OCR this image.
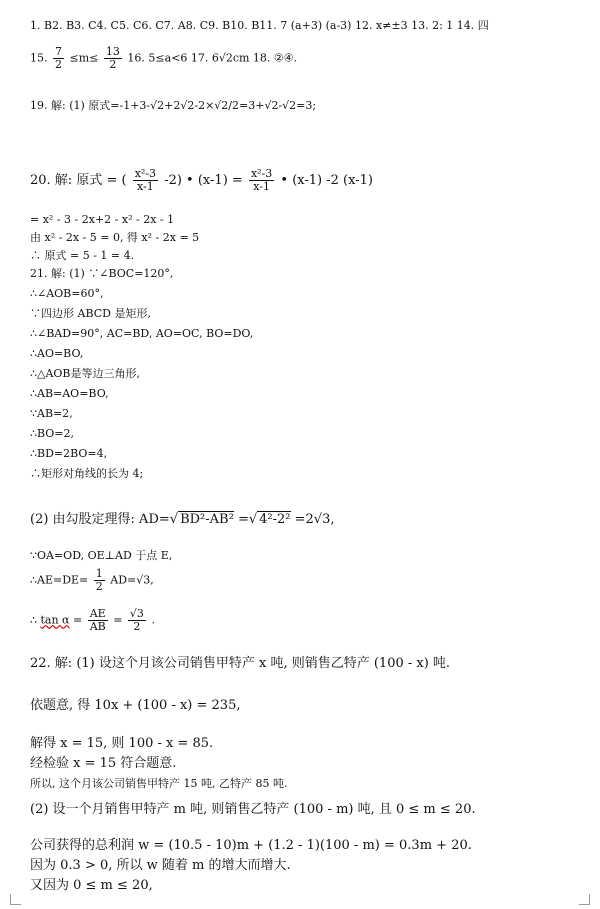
1. B2. B3. C4. C5. C6. C7. A8. C9. B10. B11. 7 (a+3) (a-3) 12. x≠±3 13. 2: 1 14. 四
15. $\frac{7}{2} \le m\le \frac{13}{2} 16$. 5≤a<6 17. 6√2cm 18. ②④.
19. 解: (1) 原式=-1+3-√2+2√2-2×√2/2=3+√2-√2=3;
20. 解: 原式 = ( $\frac{\text{x²-3}}{x-1} -2$) • $(x-1) = \frac{\text{x²-3}}{x-1}$ • (x-1) -2 (x-1)
= x² - 3 - 2x+2 - x² - 2x - 1
由 x² - 2x - 5 = 0, 得 x² - 2x = 5
∴ 原式 = 5 - 1 = 4.
21. 解: (1) ∵∠BOC=120°,
∴∠AOB=60°,
∵四边形 ABCD 是矩形,
∴∠BAD=90°, AC=BD, AO=OC, BO=DO,
∴AO=BO,
∴△AOB是等边三角形,
∴AB=AO=BO,
∵AB=2,
∴BO=2,
∴BD=2BO=4,
∴矩形对角线的长为 4;
(2) 由勾股定理得: AD=√ BD²-AB² =√ 4²-2² =2√3,
∵OA=OD, OE⊥AD 于点 E,
∴AE=DE= $\frac{1}{2} AD=√3$,
∴ $\tan \alpha = \frac{AE}{AB} = \frac{√3}{2}$ .
22. 解: (1) 设这个月该公司销售甲特产 x 吨, 则销售乙特产 (100 - x) 吨.
依题意, 得 10x + (100 - x) = 235,
解得 x = 15, 则 100 - x = 85.
经检验 x = 15 符合题意.
所以, 这个月该公司销售甲特产 15 吨, 乙特产 85 吨.
(2) 设一个月销售甲特产 m 吨, 则销售乙特产 (100 - m) 吨, 且 0 ≤ m ≤ 20.
公司获得的总利润 w = (10.5 - 10)m + (1.2 - 1)(100 - m) = 0.3m + 20.
因为 0.3 > 0, 所以 w 随着 m 的增大而增大.
又因为 0 ≤ m ≤ 20,
